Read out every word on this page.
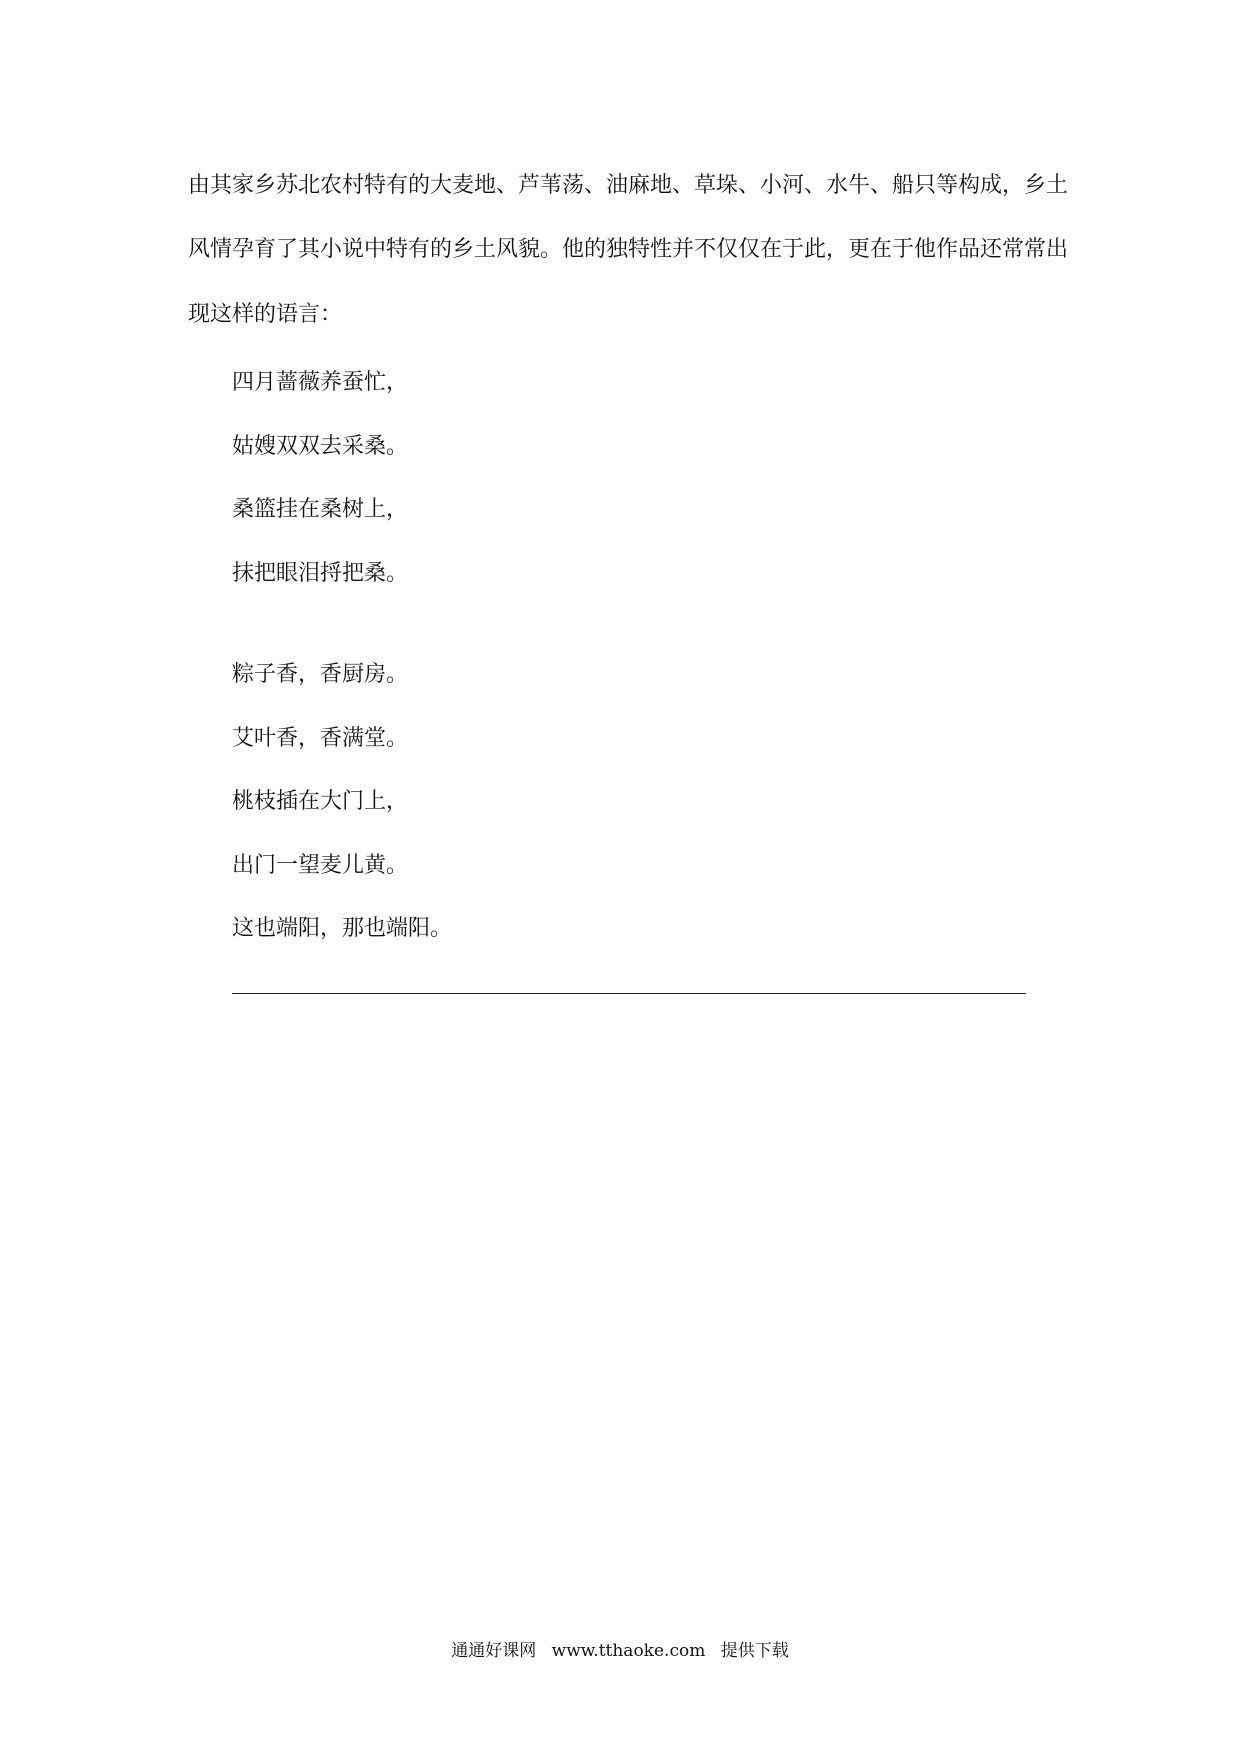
由其家乡苏北农村特有的大麦地、芦苇荡、油麻地、草垛、小河、水牛、船只等构成，乡土
风情孕育了其小说中特有的乡土风貌。他的独特性并不仅仅在于此，更在于他作品还常常出
现这样的语言：
四月蔷薇养蚕忙，
姑嫂双双去采桑。
桑篮挂在桑树上，
抹把眼泪捋把桑。
粽子香，香厨房。
艾叶香，香满堂。
桃枝插在大门上，
出门一望麦儿黄。
这也端阳，那也端阳。
通通好课网 www.tthaoke.com 提供下载
